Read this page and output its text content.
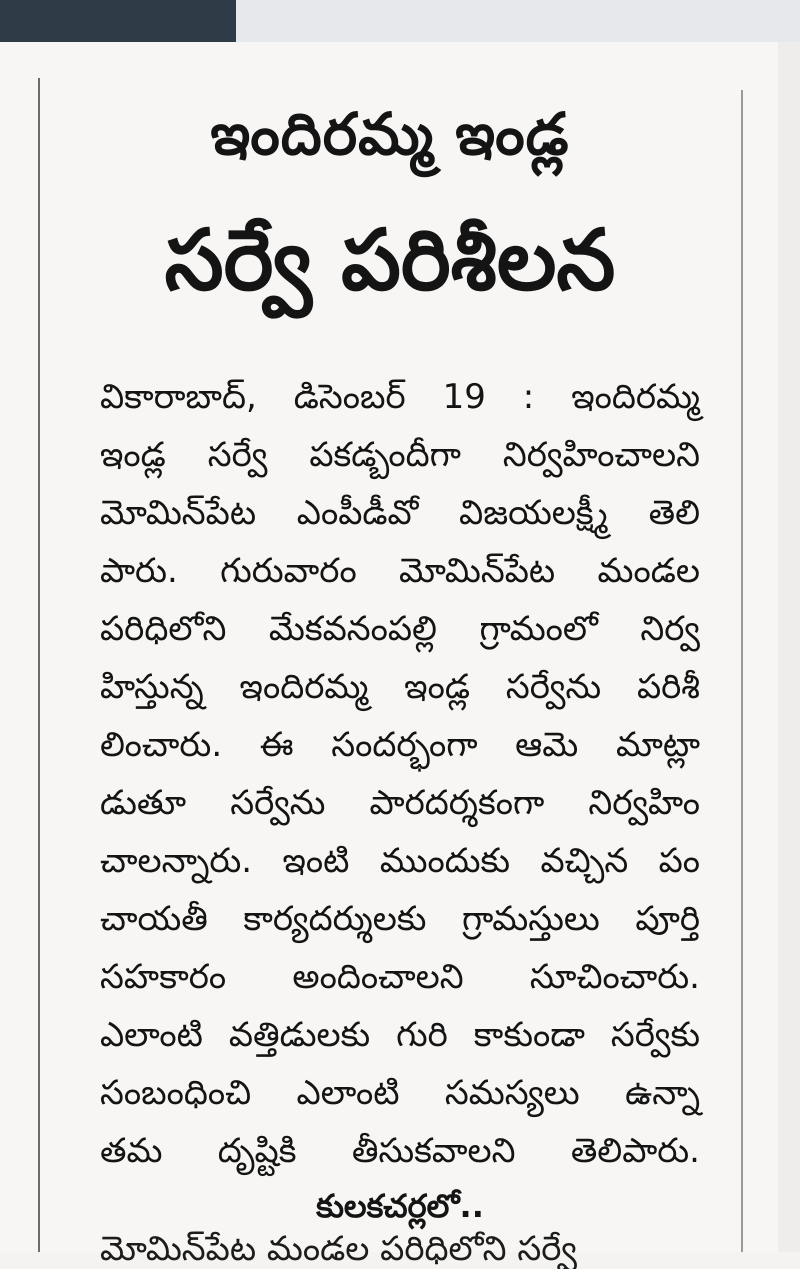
ఇందిరమ్మ ఇండ్ల
సర్వే పరిశీలన
వికారాబాద్, డిసెంబర్ 19 : ఇందిరమ్మ
ఇండ్ల సర్వే పకడ్బందీగా నిర్వహించాలని
మోమిన్‌పేట ఎంపీడీవో విజయలక్ష్మీ తెలి
పారు. గురువారం మోమిన్‌పేట మండల
పరిధిలోని మేకవనంపల్లి గ్రామంలో నిర్వ
హిస్తున్న ఇందిరమ్మ ఇండ్ల సర్వేను పరిశీ
లించారు. ఈ సందర్భంగా ఆమె మాట్లా
డుతూ సర్వేను పారదర్శకంగా నిర్వహిం
చాలన్నారు. ఇంటి ముందుకు వచ్చిన పం
చాయతీ కార్యదర్శులకు గ్రామస్తులు పూర్తి
సహకారం అందించాలని సూచించారు.
ఎలాంటి వత్తిడులకు గురి కాకుండా సర్వేకు
సంబంధించి ఎలాంటి సమస్యలు ఉన్నా
తమ దృష్టికి తీసుకవాలని తెలిపారు.
కులకచర్లలో..
మోమిన్‌పేట మండల పరిధిలోని సర్వే
